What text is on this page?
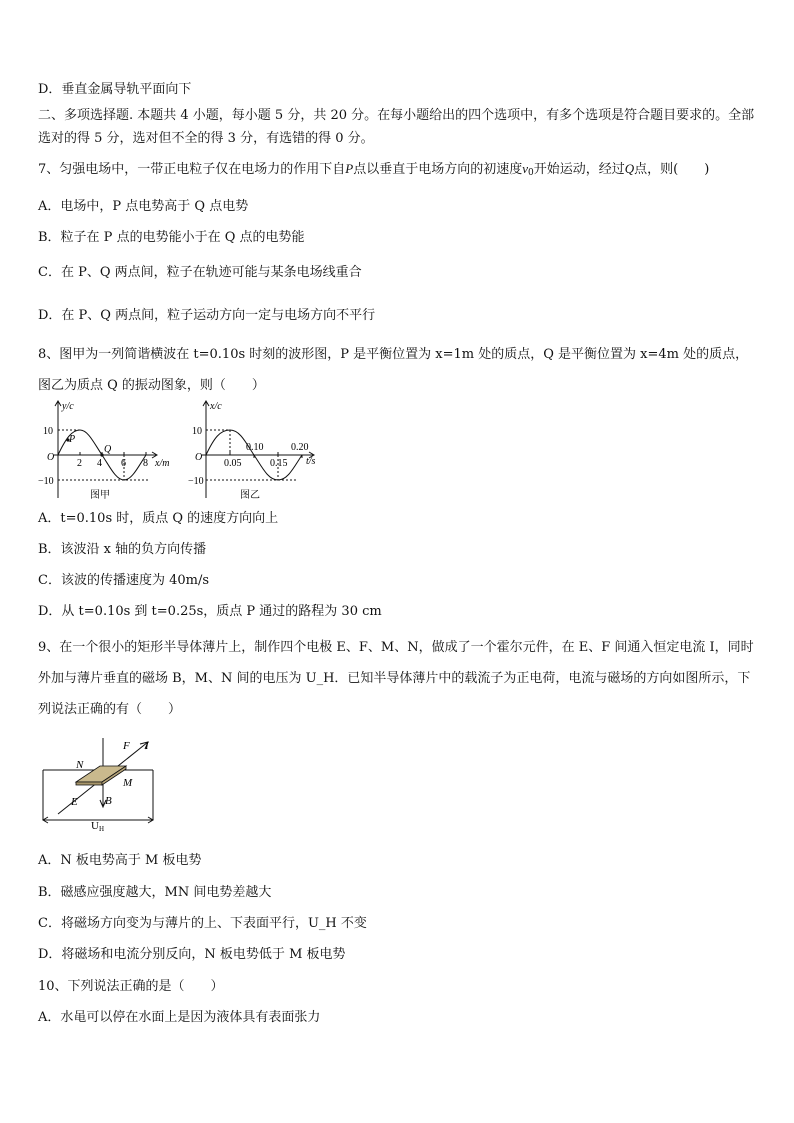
D．垂直金属导轨平面向下
二、多项选择题. 本题共 4 小题，每小题 5 分，共 20 分。在每小题给出的四个选项中，有多个选项是符合题目要求的。全部选对的得 5 分，选对但不全的得 3 分，有选错的得 0 分。
7、匀强电场中，一带正电粒子仅在电场力的作用下自P点以垂直于电场方向的初速度$v_0$开始运动，经过Q点，则(　　)
A．电场中，P 点电势高于 Q 点电势
B．粒子在 P 点的电势能小于在 Q 点的电势能
C．在 P、Q 两点间，粒子在轨迹可能与某条电场线重合
D．在 P、Q 两点间，粒子运动方向一定与电场方向不平行
8、图甲为一列简谐横波在 t=0.10s 时刻的波形图，P 是平衡位置为 x=1m 处的质点，Q 是平衡位置为 x=4m 处的质点，图乙为质点 Q 的振动图象，则（　　）
y/c
10
O
−10
P
Q
2 4 6 8 x/m
图甲
x/c
10
O
−10
0.05	0.15
0.10	0.20
t/s
图乙
A．t=0.10s 时，质点 Q 的速度方向向上
B．该波沿 x 轴的负方向传播
C．该波的传播速度为 40m/s
D．从 t=0.10s 到 t=0.25s，质点 P 通过的路程为 30 cm
9、在一个很小的矩形半导体薄片上，制作四个电极 E、F、M、N，做成了一个霍尔元件，在 E、F 间通入恒定电流 I，同时外加与薄片垂直的磁场 B，M、N 间的电压为 U_H．已知半导体薄片中的载流子为正电荷，电流与磁场的方向如图所示，下列说法正确的有（　　）
F I
N
M
E B
UH
A．N 板电势高于 M 板电势
B．磁感应强度越大，MN 间电势差越大
C．将磁场方向变为与薄片的上、下表面平行，U_H 不变
D．将磁场和电流分别反向，N 板电势低于 M 板电势
10、下列说法正确的是（　　）
A．水黾可以停在水面上是因为液体具有表面张力
